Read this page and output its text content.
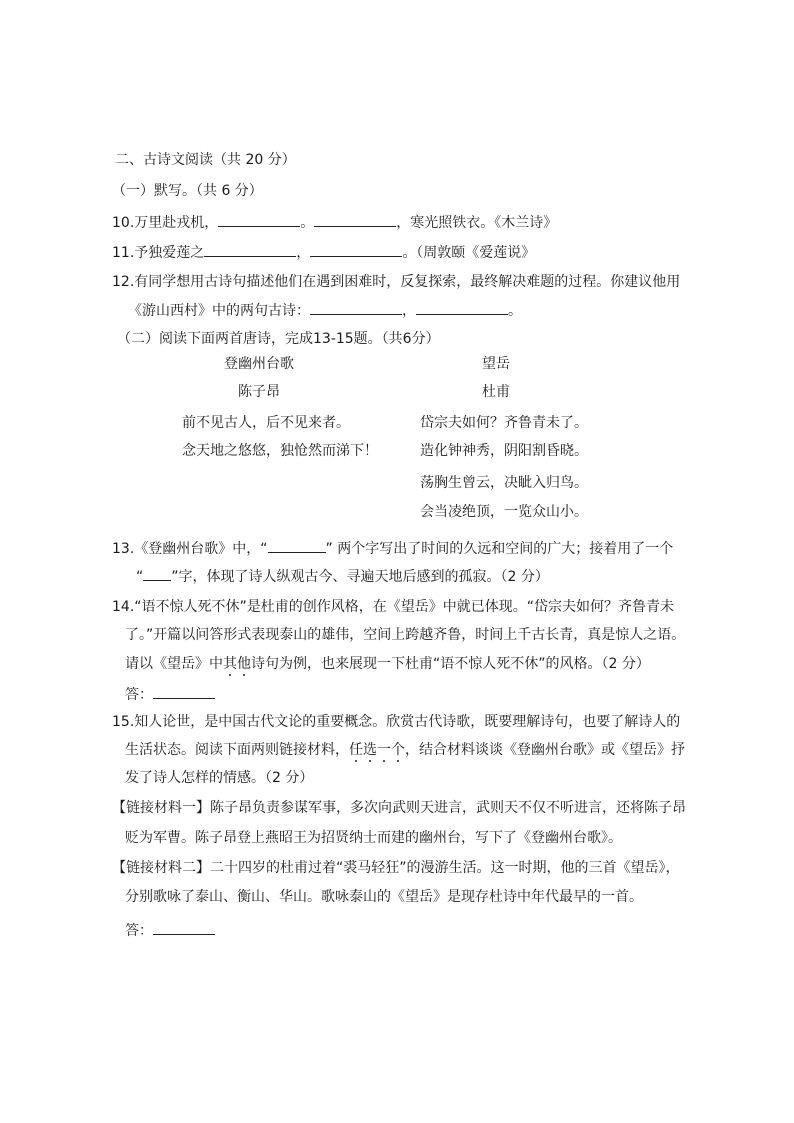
二、古诗文阅读（共 20 分）
（一）默写。（共 6 分）
10.万里赴戎机，	。	，寒光照铁衣。《木兰诗》
11.予独爱莲之	，	。（周敦颐《爱莲说》
12.有同学想用古诗句描述他们在遇到困难时，反复探索，最终解决难题的过程。你建议他用
《游山西村》中的两句古诗：	，	。
（二）阅读下面两首唐诗，完成13-15题。（共6分）
登幽州台歌
陈子昂
前不见古人，后不见来者。
念天地之悠悠，独怆然而涕下！
望岳
杜甫
岱宗夫如何？齐鲁青未了。
造化钟神秀，阴阳割昏晓。
荡胸生曾云，决眦入归鸟。
会当凌绝顶，一览众山小。
13.《登幽州台歌》中，“	” 两个字写出了时间的久远和空间的广大；接着用了一个
“ ”字，体现了诗人纵观古今、寻遍天地后感到的孤寂。（2 分）
14.“语不惊人死不休”是杜甫的创作风格，在《望岳》中就已体现。“岱宗夫如何？齐鲁青未
了。”开篇以问答形式表现泰山的雄伟，空间上跨越齐鲁，时间上千古长青，真是惊人之语。
请以《望岳》中其他诗句为例，也来展现一下杜甫“语不惊人死不休”的风格。（2 分）
答：
15.知人论世，是中国古代文论的重要概念。欣赏古代诗歌，既要理解诗句，也要了解诗人的
生活状态。阅读下面两则链接材料，任选一个，结合材料谈谈《登幽州台歌》或《望岳》抒
发了诗人怎样的情感。（2 分）
【链接材料一】陈子昂负责参谋军事，多次向武则天进言，武则天不仅不听进言，还将陈子昂
贬为军曹。陈子昂登上燕昭王为招贤纳士而建的幽州台，写下了《登幽州台歌》。
【链接材料二】二十四岁的杜甫过着“裘马轻狂”的漫游生活。这一时期，他的三首《望岳》，
分别歌咏了泰山、衡山、华山。歌咏泰山的《望岳》是现存杜诗中年代最早的一首。
答：
